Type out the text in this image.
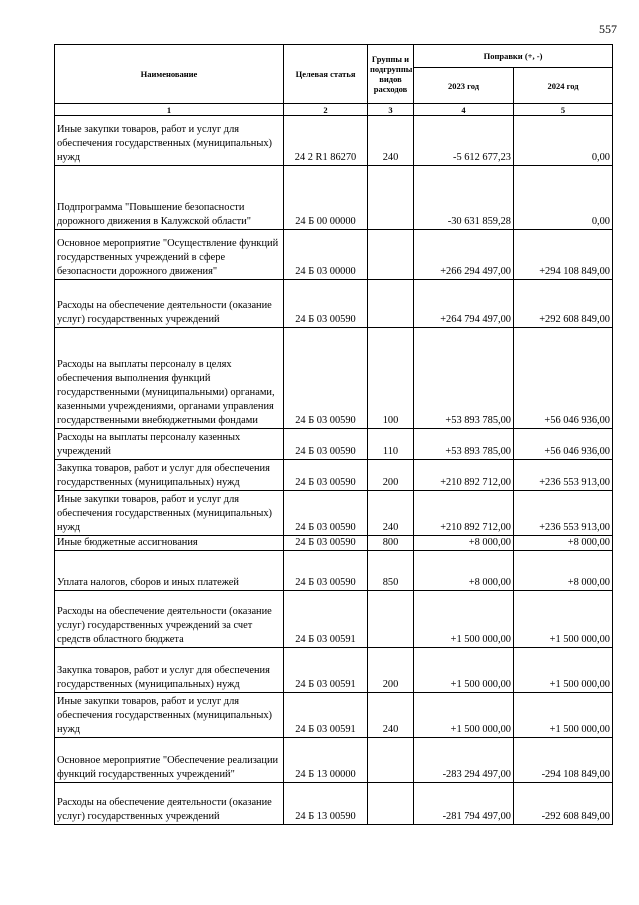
557
Наименование	Целевая статья	Группы и подгруппы видов расходов	Поправки (+, -)	
			2023 год	2024 год
1	2	3	4	5
Иные закупки товаров, работ и услуг для обеспечения государственных (муниципальных) нужд	24 2 R1 86270	240	-5 612 677,23	0,00
Подпрограмма "Повышение безопасности дорожного движения в Калужской области"	24 Б 00 00000		-30 631 859,28	0,00
Основное мероприятие "Осуществление функций государственных учреждений в сфере безопасности дорожного движения"	24 Б 03 00000		+266 294 497,00	+294 108 849,00
Расходы на обеспечение деятельности (оказание услуг) государственных учреждений	24 Б 03 00590		+264 794 497,00	+292 608 849,00
Расходы на выплаты персоналу в целях обеспечения выполнения функций государственными (муниципальными) органами, казенными учреждениями, органами управления государственными внебюджетными фондами	24 Б 03 00590	100	+53 893 785,00	+56 046 936,00
Расходы на выплаты персоналу казенных учреждений	24 Б 03 00590	110	+53 893 785,00	+56 046 936,00
Закупка товаров, работ и услуг для обеспечения государственных (муниципальных) нужд	24 Б 03 00590	200	+210 892 712,00	+236 553 913,00
Иные закупки товаров, работ и услуг для обеспечения государственных (муниципальных) нужд	24 Б 03 00590	240	+210 892 712,00	+236 553 913,00
Иные бюджетные ассигнования	24 Б 03 00590	800	+8 000,00	+8 000,00
Уплата налогов, сборов и иных платежей	24 Б 03 00590	850	+8 000,00	+8 000,00
Расходы на обеспечение деятельности (оказание услуг) государственных учреждений за счет средств областного бюджета	24 Б 03 00591		+1 500 000,00	+1 500 000,00
Закупка товаров, работ и услуг для обеспечения государственных (муниципальных) нужд	24 Б 03 00591	200	+1 500 000,00	+1 500 000,00
Иные закупки товаров, работ и услуг для обеспечения государственных (муниципальных) нужд	24 Б 03 00591	240	+1 500 000,00	+1 500 000,00
Основное мероприятие "Обеспечение реализации функций государственных учреждений"	24 Б 13 00000		-283 294 497,00	-294 108 849,00
Расходы на обеспечение деятельности (оказание услуг) государственных учреждений	24 Б 13 00590		-281 794 497,00	-292 608 849,00
